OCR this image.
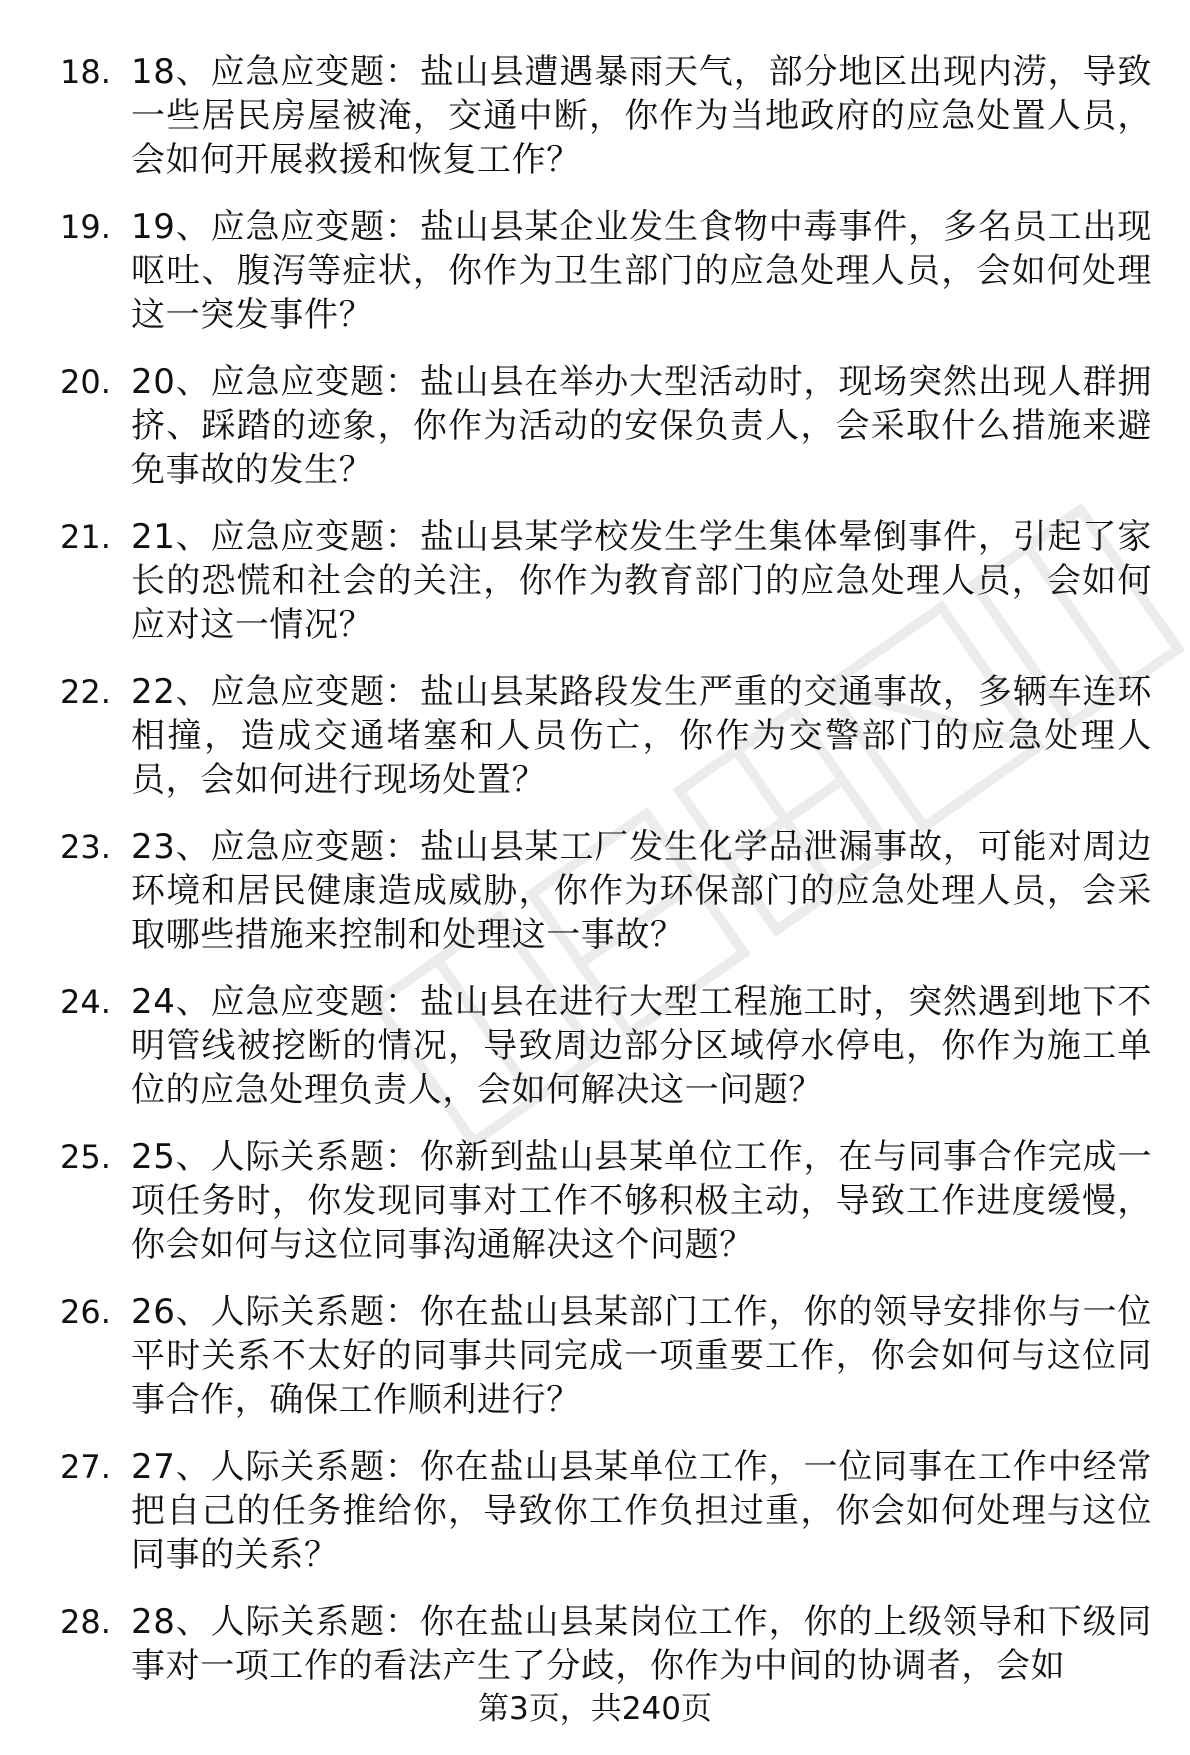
18. 18、应急应变题：盐山县遭遇暴雨天气，部分地区出现内涝，导致一些居民房屋被淹，交通中断，你作为当地政府的应急处置人员，会如何开展救援和恢复工作？
19. 19、应急应变题：盐山县某企业发生食物中毒事件，多名员工出现呕吐、腹泻等症状，你作为卫生部门的应急处理人员，会如何处理这一突发事件？
20. 20、应急应变题：盐山县在举办大型活动时，现场突然出现人群拥挤、踩踏的迹象，你作为活动的安保负责人，会采取什么措施来避免事故的发生？
21. 21、应急应变题：盐山县某学校发生学生集体晕倒事件，引起了家长的恐慌和社会的关注，你作为教育部门的应急处理人员，会如何应对这一情况？
22. 22、应急应变题：盐山县某路段发生严重的交通事故，多辆车连环相撞，造成交通堵塞和人员伤亡，你作为交警部门的应急处理人员，会如何进行现场处置？
23. 23、应急应变题：盐山县某工厂发生化学品泄漏事故，可能对周边环境和居民健康造成威胁，你作为环保部门的应急处理人员，会采取哪些措施来控制和处理这一事故？
24. 24、应急应变题：盐山县在进行大型工程施工时，突然遇到地下不明管线被挖断的情况，导致周边部分区域停水停电，你作为施工单位的应急处理负责人，会如何解决这一问题？
25. 25、人际关系题：你新到盐山县某单位工作，在与同事合作完成一项任务时，你发现同事对工作不够积极主动，导致工作进度缓慢，你会如何与这位同事沟通解决这个问题？
26. 26、人际关系题：你在盐山县某部门工作，你的领导安排你与一位平时关系不太好的同事共同完成一项重要工作，你会如何与这位同事合作，确保工作顺利进行？
27. 27、人际关系题：你在盐山县某单位工作，一位同事在工作中经常把自己的任务推给你，导致你工作负担过重，你会如何处理与这位同事的关系？
28. 28、人际关系题：你在盐山县某岗位工作，你的上级领导和下级同事对一项工作的看法产生了分歧，你作为中间的协调者，会如
第3页，共240页
